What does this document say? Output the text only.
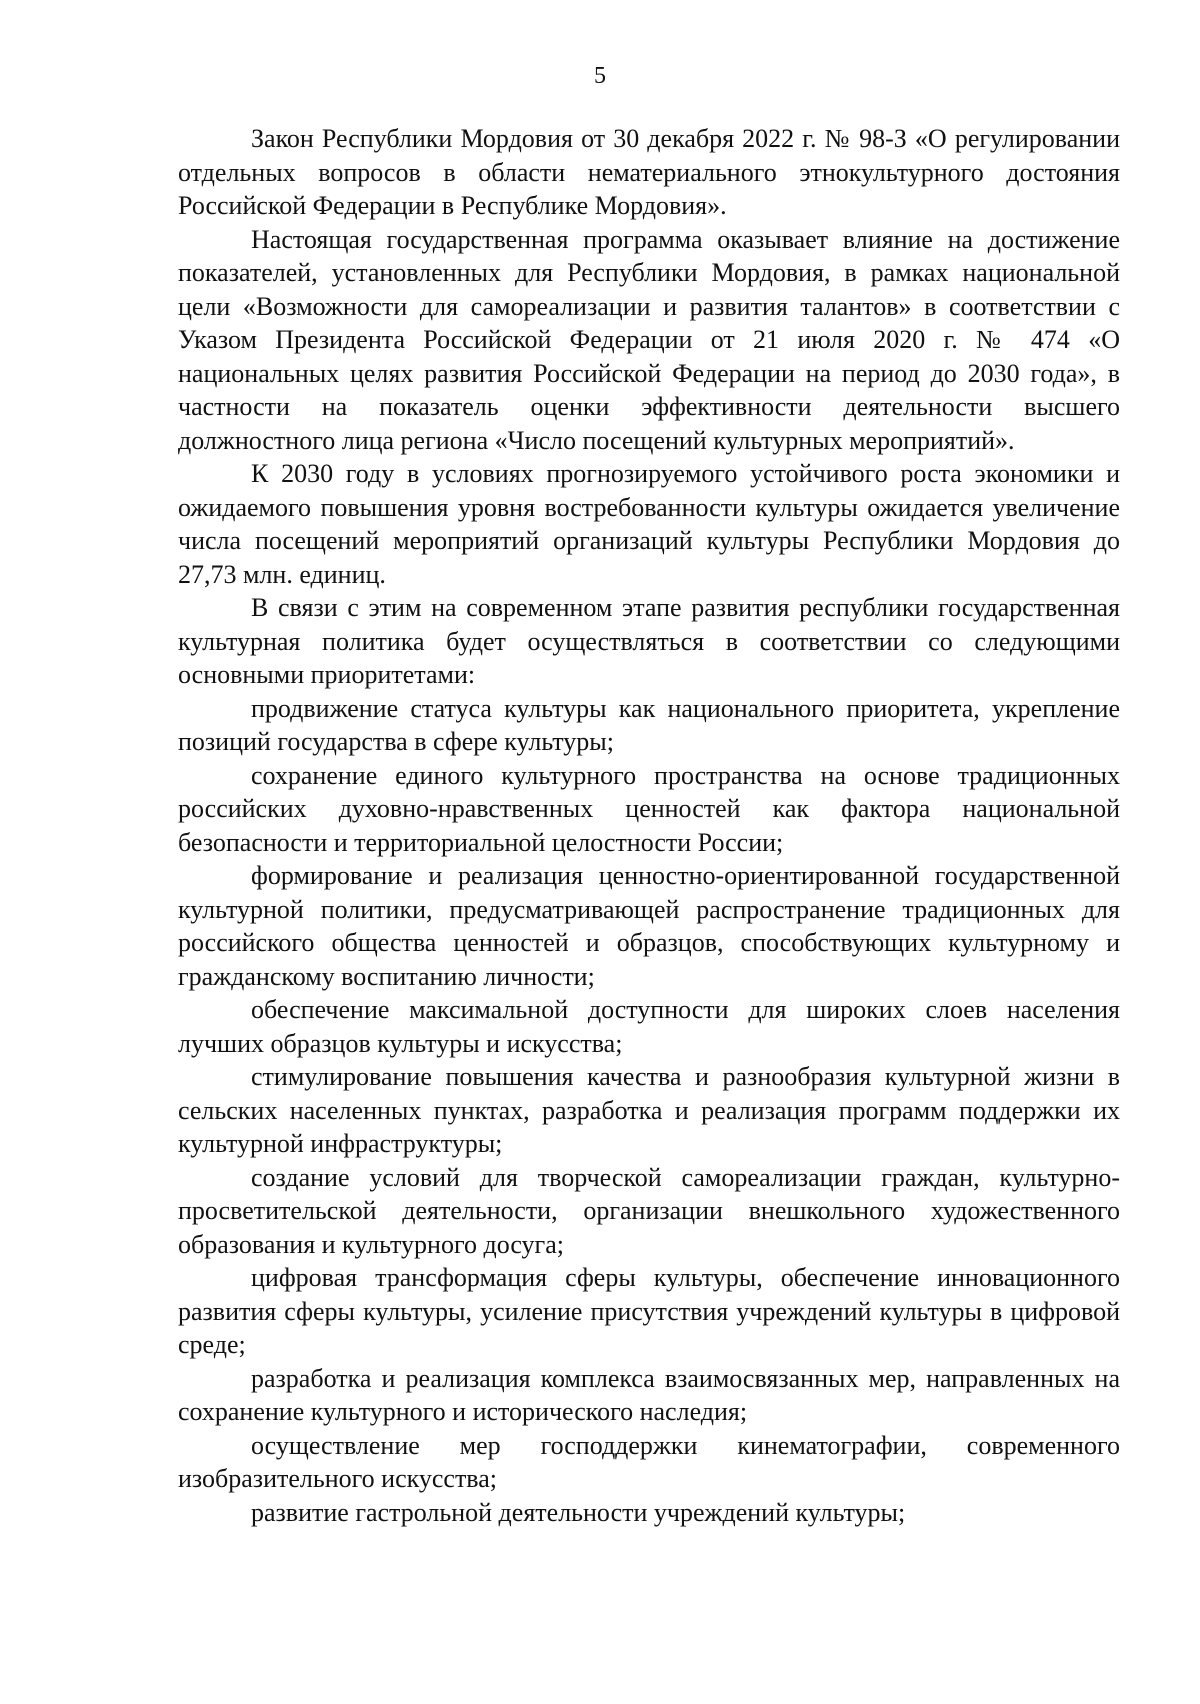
5

Закон Республики Мордовия от 30 декабря 2022 г. № 98-З «О регулировании отдельных вопросов в области нематериального этнокультурного достояния Российской Федерации в Республике Мордовия».

Настоящая государственная программа оказывает влияние на достижение показателей, установленных для Республики Мордовия, в рамках национальной цели «Возможности для самореализации и развития талантов» в соответствии с Указом Президента Российской Федерации от 21 июля 2020 г. № 474 «О национальных целях развития Российской Федерации на период до 2030 года», в частности на показатель оценки эффективности деятельности высшего должностного лица региона «Число посещений культурных мероприятий».

К 2030 году в условиях прогнозируемого устойчивого роста экономики и ожидаемого повышения уровня востребованности культуры ожидается увеличение числа посещений мероприятий организаций культуры Республики Мордовия до 27,73 млн. единиц.

В связи с этим на современном этапе развития республики государственная культурная политика будет осуществляться в соответствии со следующими основными приоритетами:

продвижение статуса культуры как национального приоритета, укрепление позиций государства в сфере культуры;

сохранение единого культурного пространства на основе традиционных российских духовно-нравственных ценностей как фактора национальной безопасности и территориальной целостности России;

формирование и реализация ценностно-ориентированной государственной культурной политики, предусматривающей распространение традиционных для российского общества ценностей и образцов, способствующих культурному и гражданскому воспитанию личности;

обеспечение максимальной доступности для широких слоев населения лучших образцов культуры и искусства;

стимулирование повышения качества и разнообразия культурной жизни в сельских населенных пунктах, разработка и реализация программ поддержки их культурной инфраструктуры;

создание условий для творческой самореализации граждан, культурно-просветительской деятельности, организации внешкольного художественного образования и культурного досуга;

цифровая трансформация сферы культуры, обеспечение инновационного развития сферы культуры, усиление присутствия учреждений культуры в цифровой среде;

разработка и реализация комплекса взаимосвязанных мер, направленных на сохранение культурного и исторического наследия;

осуществление мер господдержки кинематографии, современного изобразительного искусства;

развитие гастрольной деятельности учреждений культуры;
